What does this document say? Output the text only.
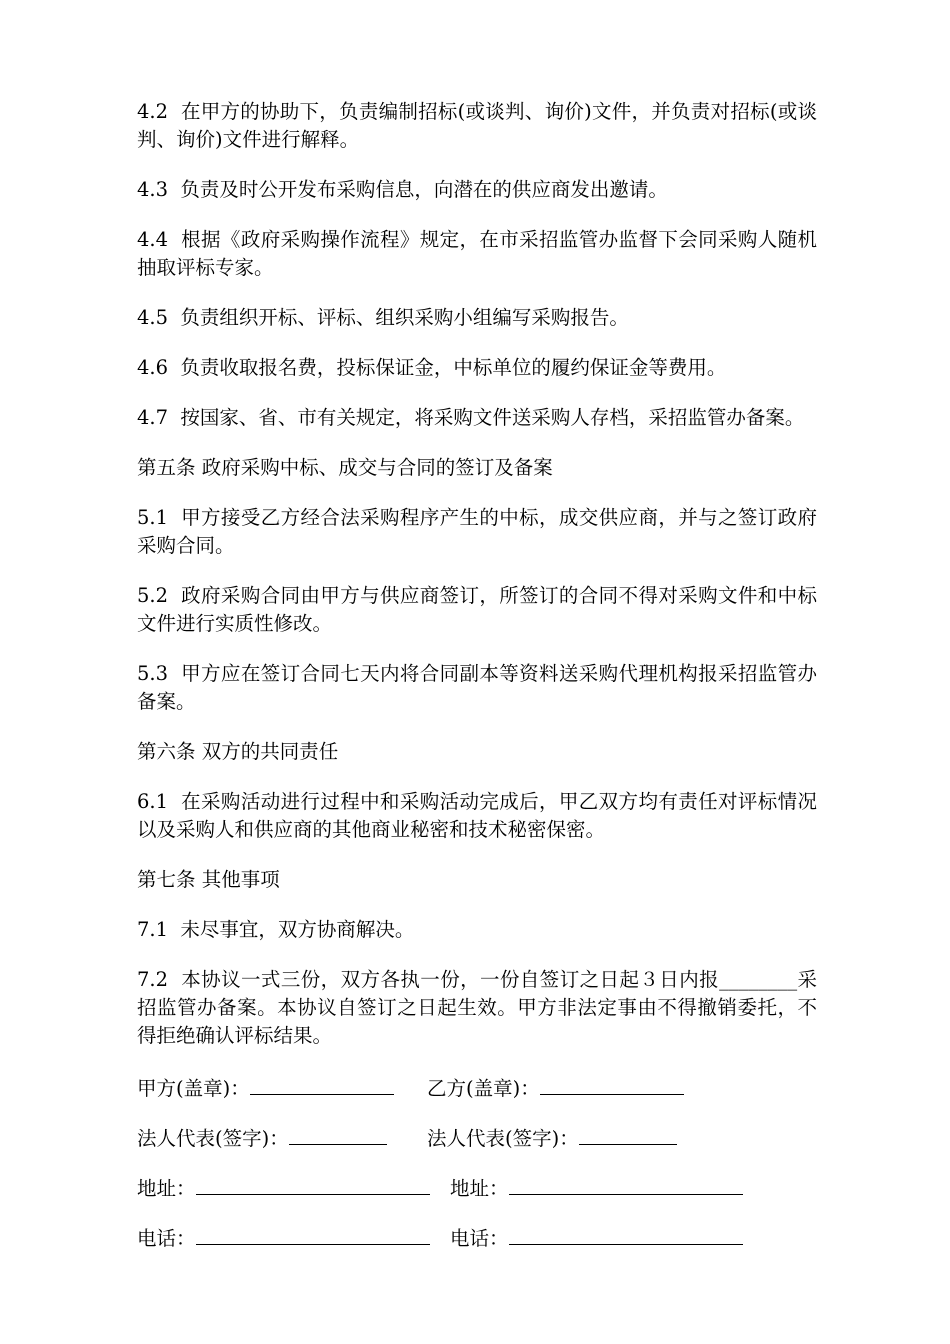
4.2  在甲方的协助下，负责编制招标(或谈判、询价)文件，并负责对招标(或谈判、询价)文件进行解释。

4.3  负责及时公开发布采购信息，向潜在的供应商发出邀请。

4.4  根据《政府采购操作流程》规定，在市采招监管办监督下会同采购人随机抽取评标专家。

4.5  负责组织开标、评标、组织采购小组编写采购报告。

4.6  负责收取报名费，投标保证金，中标单位的履约保证金等费用。

4.7  按国家、省、市有关规定，将采购文件送采购人存档，采招监管办备案。

第五条 政府采购中标、成交与合同的签订及备案

5.1  甲方接受乙方经合法采购程序产生的中标，成交供应商，并与之签订政府采购合同。

5.2  政府采购合同由甲方与供应商签订，所签订的合同不得对采购文件和中标文件进行实质性修改。

5.3  甲方应在签订合同七天内将合同副本等资料送采购代理机构报采招监管办备案。

第六条 双方的共同责任

6.1  在采购活动进行过程中和采购活动完成后，甲乙双方均有责任对评标情况以及采购人和供应商的其他商业秘密和技术秘密保密。

第七条 其他事项

7.1  未尽事宜，双方协商解决。

7.2  本协议一式三份，双方各执一份，一份自签订之日起３日内报________采招监管办备案。本协议自签订之日起生效。甲方非法定事由不得撤销委托，不得拒绝确认评标结果。

甲方(盖章)：	乙方(盖章)：
法人代表(签字)：	法人代表(签字)：
地址：	地址：
电话：	电话：
